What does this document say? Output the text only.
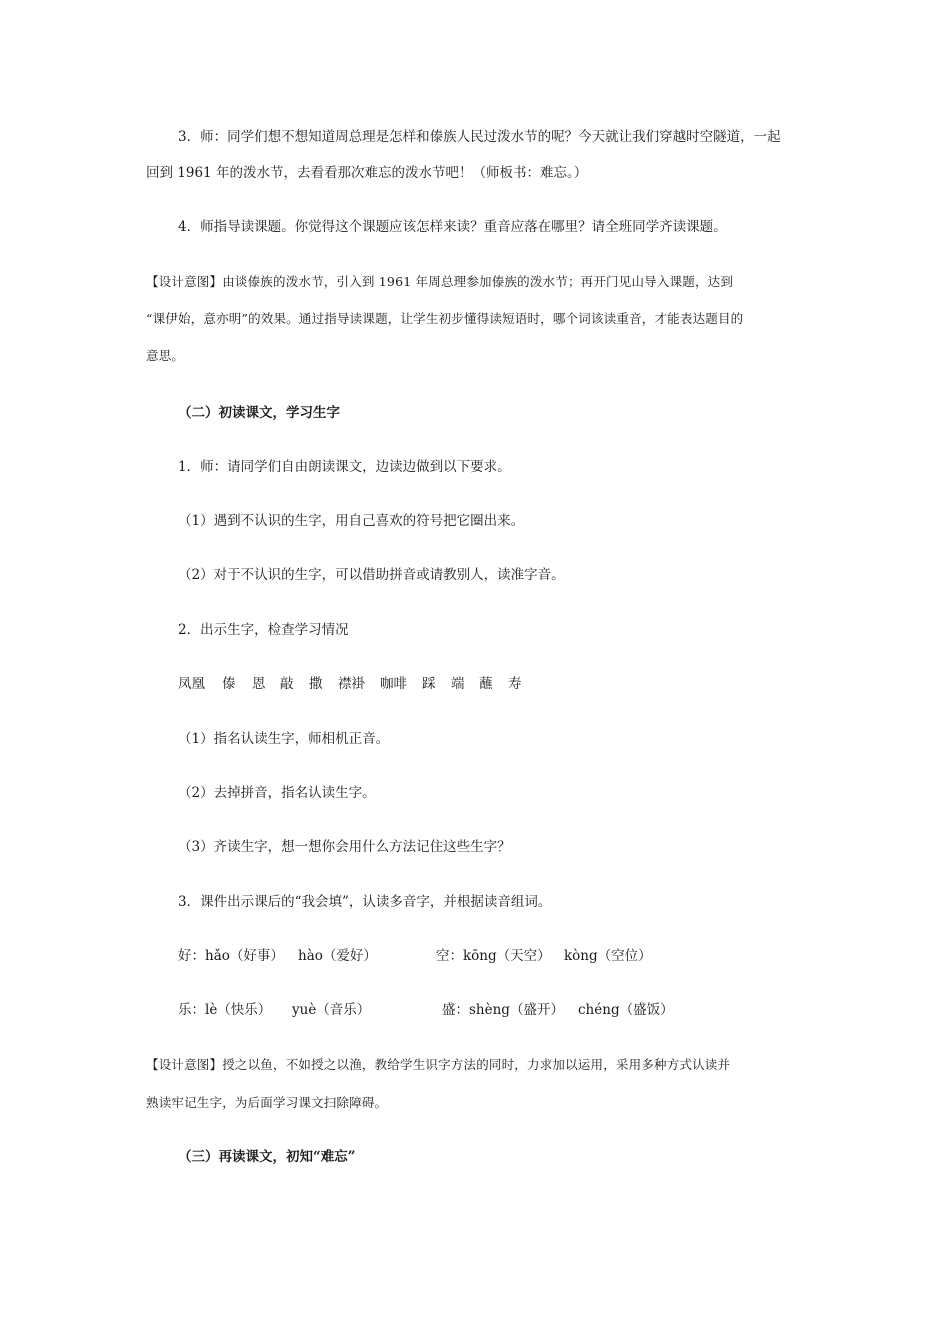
3．师：同学们想不想知道周总理是怎样和傣族人民过泼水节的呢？今天就让我们穿越时空隧道，一起
回到 1961 年的泼水节，去看看那次难忘的泼水节吧！（师板书：难忘。）
4．师指导读课题。你觉得这个课题应该怎样来读？重音应落在哪里？请全班同学齐读课题。
【设计意图】由谈傣族的泼水节，引入到 1961 年周总理参加傣族的泼水节；再开门见山导入课题，达到
“课伊始，意亦明”的效果。通过指导读课题，让学生初步懂得读短语时，哪个词该读重音，才能表达题目的
意思。
（二）初读课文，学习生字
1．师：请同学们自由朗读课文，边读边做到以下要求。
（1）遇到不认识的生字，用自己喜欢的符号把它圈出来。
（2）对于不认识的生字，可以借助拼音或请教别人，读准字音。
2．出示生字，检查学习情况
凤凰 傣 恩 敲 撒 襟褂 咖啡 踩 端 蘸 寿
（1）指名认读生字，师相机正音。
（2）去掉拼音，指名认读生字。
（3）齐读生字，想一想你会用什么方法记住这些生字？
3．课件出示课后的“我会填”，认读多音字，并根据读音组词。
好：hǎo（好事） hào（爱好）	空：kōng（天空） kòng（空位）
乐：lè（快乐） yuè（音乐）	盛：shèng（盛开） chéng（盛饭）
【设计意图】授之以鱼，不如授之以渔，教给学生识字方法的同时，力求加以运用，采用多种方式认读并
熟读牢记生字，为后面学习课文扫除障碍。
（三）再读课文，初知“难忘”
